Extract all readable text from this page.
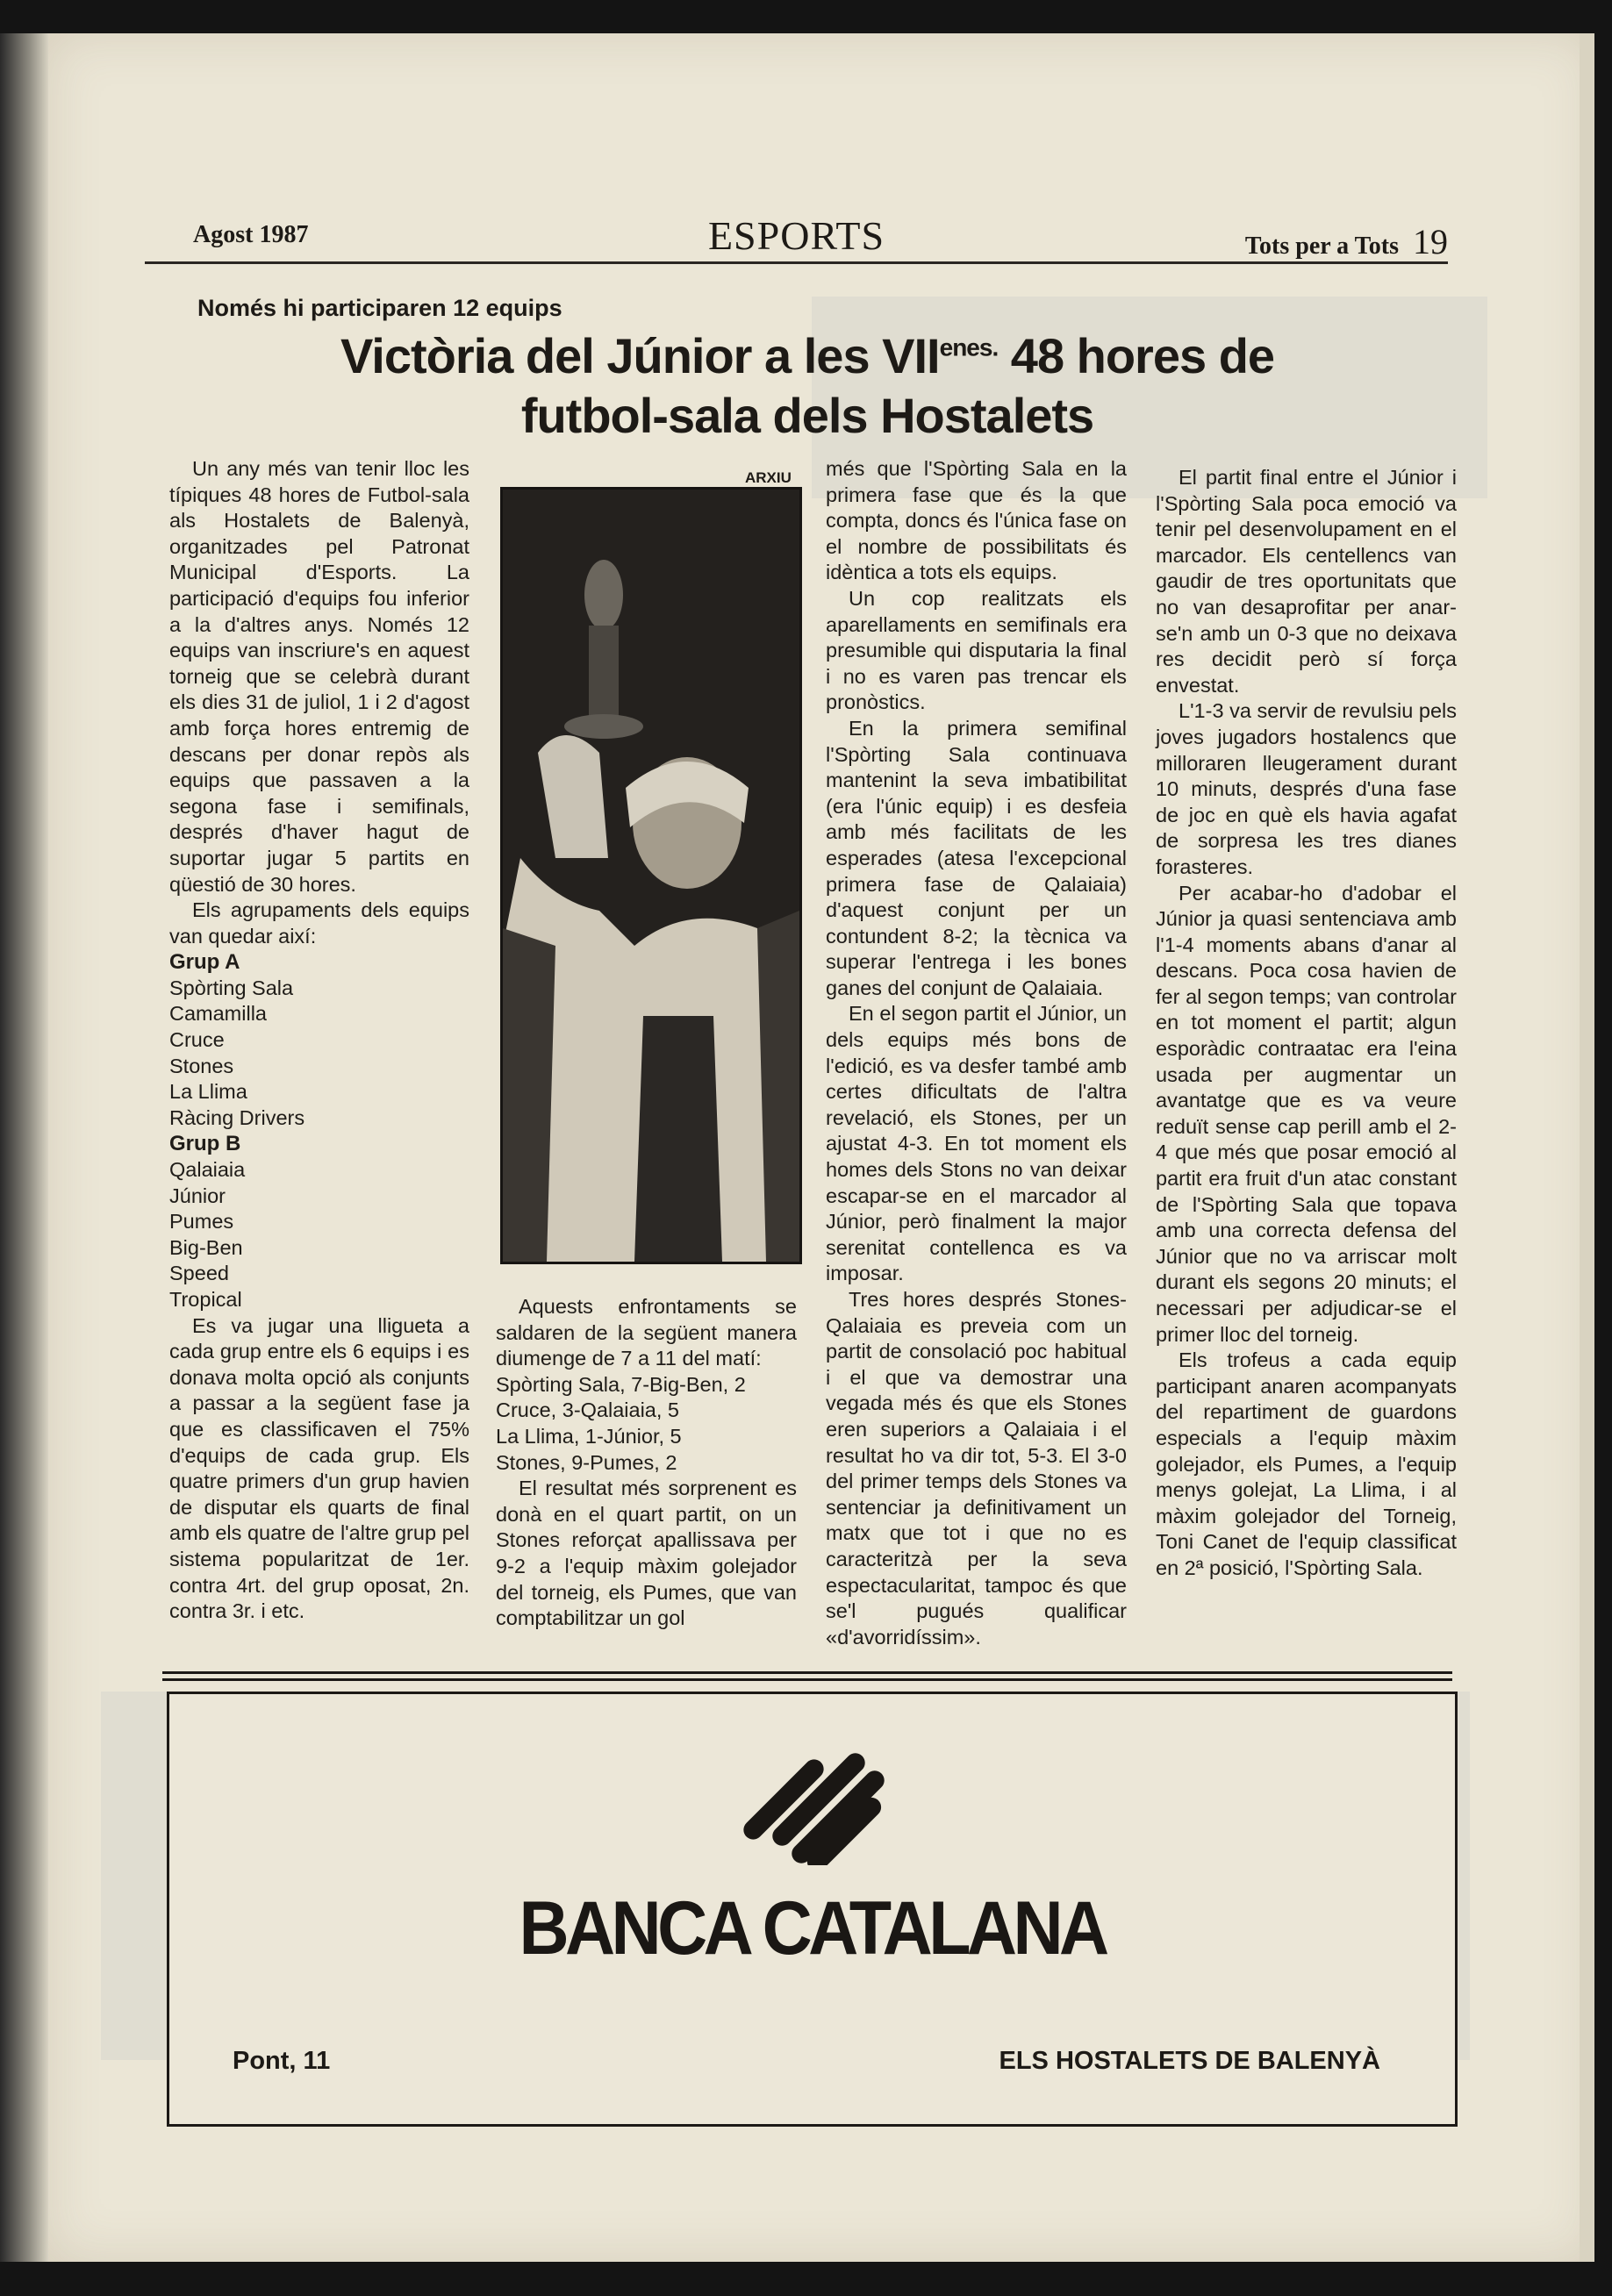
Agost 1987	ESPORTS	Tots per a Tots 19
Només hi participaren 12 equips
Victòria del Júnior a les $VII^{enes.}$ 48 hores de
futbol-sala dels Hostalets

Un any més van tenir lloc les típiques 48 hores de Futbol-sala als Hostalets de Balenyà, organitzades pel Patronat Municipal d'Esports. La participació d'equips fou inferior a la d'altres anys. Només 12 equips van inscriure's en aquest torneig que se celebrà durant els dies 31 de juliol, 1 i 2 d'agost amb força hores entremig de descans per donar repòs als equips que passaven a la segona fase i semifinals, després d'haver hagut de suportar jugar 5 partits en qüestió de 30 hores.

Els agrupaments dels equips van quedar així:

Grup A
Spòrting Sala
Camamilla
Cruce
Stones
La Llima
Ràcing Drivers
Grup B
Qalaiaia
Júnior
Pumes
Big-Ben
Speed
Tropical

Es va jugar una lligueta a cada grup entre els 6 equips i es donava molta opció als conjunts a passar a la següent fase ja que es classificaven el 75% d'equips de cada grup. Els quatre primers d'un grup havien de disputar els quarts de final amb els quatre de l'altre grup pel sistema popularitzat de 1er. contra 4rt. del grup oposat, 2n. contra 3r. i etc.

ARXIU

Aquests enfrontaments se saldaren de la següent manera diumenge de 7 a 11 del matí:

Spòrting Sala, 7-Big-Ben, 2
Cruce, 3-Qalaiaia, 5
La Llima, 1-Júnior, 5
Stones, 9-Pumes, 2

El resultat més sorprenent es donà en el quart partit, on un Stones reforçat apallissava per 9-2 a l'equip màxim golejador del torneig, els Pumes, que van comptabilitzar un gol

més que l'Spòrting Sala en la primera fase que és la que compta, doncs és l'única fase on el nombre de possibilitats és idèntica a tots els equips.

Un cop realitzats els aparellaments en semifinals era presumible qui disputaria la final i no es varen pas trencar els pronòstics.

En la primera semifinal l'Spòrting Sala continuava mantenint la seva imbatibilitat (era l'únic equip) i es desfeia amb més facilitats de les esperades (atesa l'excepcional primera fase de Qalaiaia) d'aquest conjunt per un contundent 8-2; la tècnica va superar l'entrega i les bones ganes del conjunt de Qalaiaia.

En el segon partit el Júnior, un dels equips més bons de l'edició, es va desfer també amb certes dificultats de l'altra revelació, els Stones, per un ajustat 4-3. En tot moment els homes dels Stons no van deixar escapar-se en el marcador al Júnior, però finalment la major serenitat contellenca es va imposar.

Tres hores després Stones-Qalaiaia es preveia com un partit de consolació poc habitual i el que va demostrar una vegada més és que els Stones eren superiors a Qalaiaia i el resultat ho va dir tot, 5-3. El 3-0 del primer temps dels Stones va sentenciar ja definitivament un matx que tot i que no es caracteritzà per la seva espectacularitat, tampoc és que se'l pugués qualificar «d'avorridíssim».

El partit final entre el Júnior i l'Spòrting Sala poca emoció va tenir pel desenvolupament en el marcador. Els centellencs van gaudir de tres oportunitats que no van desaprofitar per anar-se'n amb un 0-3 que no deixava res decidit però sí força envestat.

L'1-3 va servir de revulsiu pels joves jugadors hostalencs que milloraren lleugerament durant 10 minuts, després d'una fase de joc en què els havia agafat de sorpresa les tres dianes forasteres.

Per acabar-ho d'adobar el Júnior ja quasi sentenciava amb l'1-4 moments abans d'anar al descans. Poca cosa havien de fer al segon temps; van controlar en tot moment el partit; algun esporàdic contraatac era l'eina usada per augmentar un avantatge que es va veure reduït sense cap perill amb el 2-4 que més que posar emoció al partit era fruit d'un atac constant de l'Spòrting Sala que topava amb una correcta defensa del Júnior que no va arriscar molt durant els segons 20 minuts; el necessari per adjudicar-se el primer lloc del torneig.

Els trofeus a cada equip participant anaren acompanyats del repartiment de guardons especials a l'equip màxim golejador, els Pumes, a l'equip menys golejat, La Llima, i al màxim golejador del Torneig, Toni Canet de l'equip classificat en 2ª posició, l'Spòrting Sala.

BANCA CATALANA
Pont, 11	ELS HOSTALETS DE BALENYÀ
